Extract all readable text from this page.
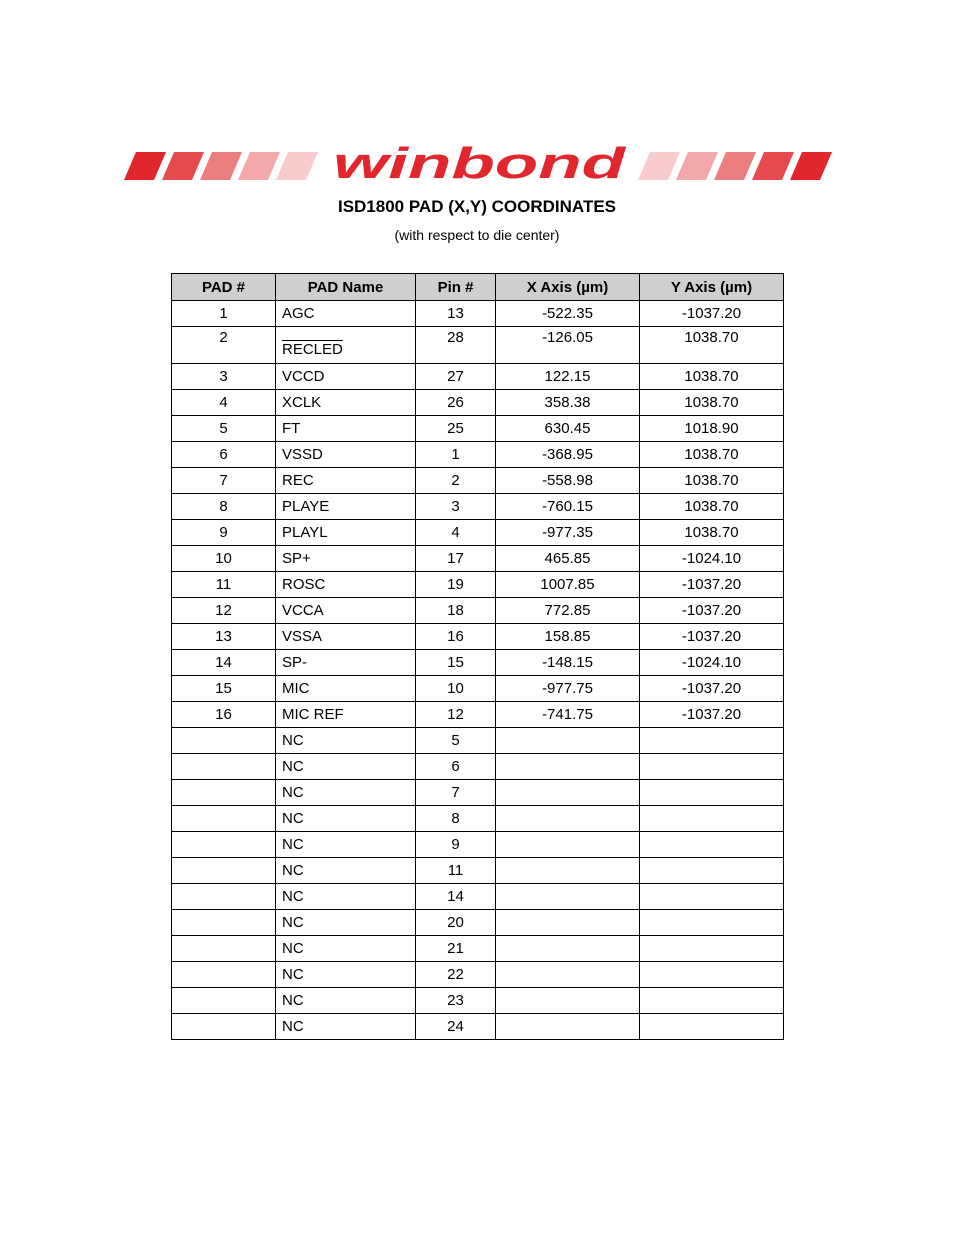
winbond
ISD1800 PAD (X,Y) COORDINATES
(with respect to die center)
PAD #	PAD Name	Pin #	X Axis (µm)	Y Axis (µm)
1	AGC	13	-522.35	-1037.20
2	RECLED	28	-126.05	1038.70
3	VCCD	27	122.15	1038.70
4	XCLK	26	358.38	1038.70
5	FT	25	630.45	1018.90
6	VSSD	1	-368.95	1038.70
7	REC	2	-558.98	1038.70
8	PLAYE	3	-760.15	1038.70
9	PLAYL	4	-977.35	1038.70
10	SP+	17	465.85	-1024.10
11	ROSC	19	1007.85	-1037.20
12	VCCA	18	772.85	-1037.20
13	VSSA	16	158.85	-1037.20
14	SP-	15	-148.15	-1024.10
15	MIC	10	-977.75	-1037.20
16	MIC REF	12	-741.75	-1037.20
	NC	5		
	NC	6		
	NC	7		
	NC	8		
	NC	9		
	NC	11		
	NC	14		
	NC	20		
	NC	21		
	NC	22		
	NC	23		
	NC	24		
